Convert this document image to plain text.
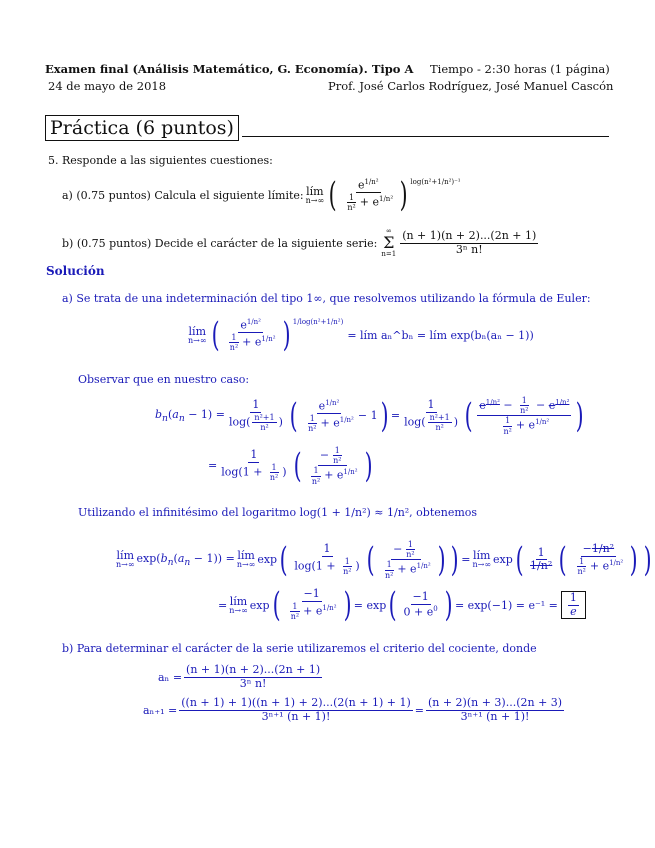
Examen final (Análisis Matemático, G. Economía). Tipo A Tiempo - 2:30 horas (1 página)
24 de mayo de 2018	Prof. José Carlos Rodríguez, José Manuel Cascón
Práctica (6 puntos)
5. Responde a las siguientes cuestiones:
a) (0.75 puntos) Calcula el siguiente límite: lím
n→∞ ( $\frac{e^{1/n^2}}{\frac{1}{\text{n²}} + e^{1/n^2}}$ ) $^{log(n^2+1/n^2)^{-1}}$
b) (0.75 puntos) Decide el carácter de la siguiente serie:
∞
Σ
$n=1 \frac{(n + 1)(n + 2)...(2n + 1)}{\text{3ⁿ n!}}$
Solución
a) Se trata de una indeterminación del tipo 1∞, que resolvemos utilizando la fórmula de Euler:
lím
n→∞ ( $\frac{e^{1/n^2}}{\frac{1}{\text{n²}} + e^{1/n^2}}$ ) $^{1/log(n^2+1/n^2)}$
= lím aₙ^bₙ = lím exp(bₙ(aₙ − 1))
Observar que en nuestro caso:
$b_n(a_n - 1) = \frac{1}{\log( \frac{\text{n²+1}}{\text{n²}} )}$ ( $\frac{e^{1/n^2}}{\frac{1}{\text{n²}} + e^{1/n^2}} - 1$ ) = $\frac{1}{\log( \frac{\text{n²+1}}{\text{n²}} )}$ ( $\frac{e^{1/n^2} - \frac{1}{\text{n²}} - e^{1/n^2}}{\frac{1}{\text{n²}} + e^{1/n^2}}$ )
= $\frac{1}{\log(1 + \frac{1}{\text{n²}} )}$ ( $\frac{- \frac{1}{\text{n²}}}{\frac{1}{\text{n²}} + e^{1/n^2}}$ )
Utilizando el infinitésimo del logaritmo log(1 + 1/n²) ≈ 1/n², obtenemos
lím
n→∞
$\exp(b_n(a_n - 1))$ = lím
n→∞ exp ( $\frac{1}{\log(1 + \frac{1}{\text{n²}} )}$ ( $\frac{- \frac{1}{\text{n²}}}{\frac{1}{\text{n²}} + e^{1/n^2}}$ ) ) = lím
n→∞ exp ( $\frac{1}{\text{1/n²}}$ ( $\frac{\text{−1/n²}}{\frac{1}{\text{n²}} + e^{1/n^2}}$ ) )
= lím
n→∞ exp ( $\frac{-1}{\frac{1}{\text{n²}} + e^{1/n^2}}$ ) = exp ( $\frac{-1}{0 + e^0}$ ) = $\exp(-1) = e^{-1} = \frac{1}{e}$
b) Para determinar el carácter de la serie utilizaremos el criterio del cociente, donde
$a_n = \frac{(n + 1)(n + 2)...(2n + 1)}{\text{3ⁿ n!}}$
$a_{n+1} = \frac{((n + 1) + 1)((n + 1) + 2)...(2(n + 1) + 1)}{\text{3ⁿ⁺¹ (n + 1)!}} = \frac{(n + 2)(n + 3)...(2n + 3)}{\text{3ⁿ⁺¹ (n + 1)!}}$
